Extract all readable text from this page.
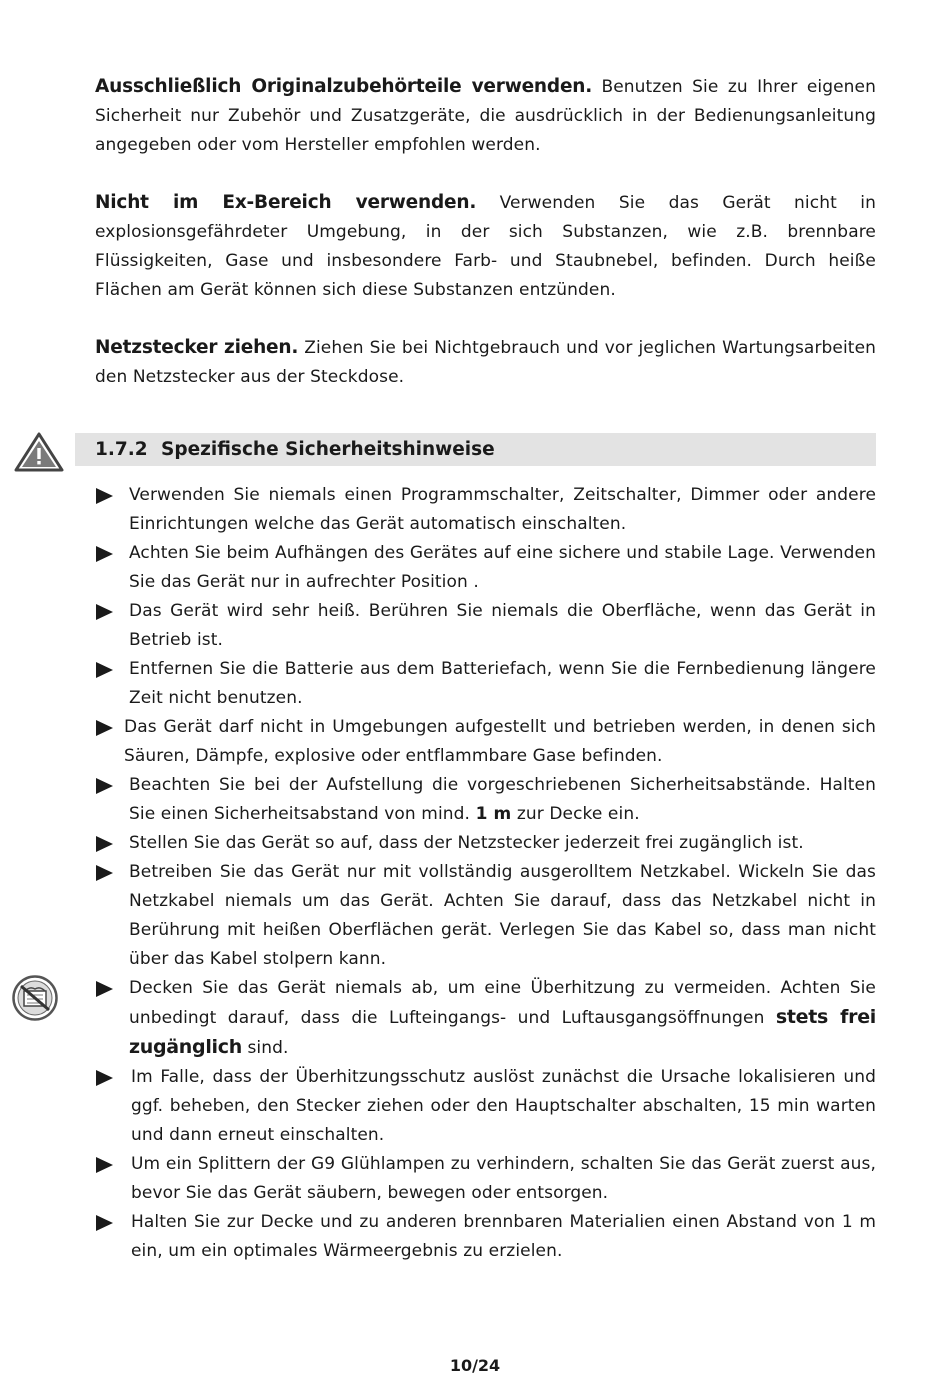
Ausschließlich Originalzubehörteile verwenden. Benutzen Sie zu Ihrer eigenen Sicherheit nur Zubehör und Zusatzgeräte, die ausdrücklich in der Bedienungsanleitung angegeben oder vom Hersteller empfohlen werden.
Nicht im Ex-Bereich verwenden. Verwenden Sie das Gerät nicht in explosionsgefährdeter Umgebung, in der sich Substanzen, wie z.B. brennbare Flüssigkeiten, Gase und insbesondere Farb- und Staubnebel, befinden. Durch heiße Flächen am Gerät können sich diese Substanzen entzünden.
Netzstecker ziehen. Ziehen Sie bei Nichtgebrauch und vor jeglichen Wartungsarbeiten den Netzstecker aus der Steckdose.
1.7.2 Spezifische Sicherheitshinweise
Verwenden Sie niemals einen Programmschalter, Zeitschalter, Dimmer oder andere Einrichtungen welche das Gerät automatisch einschalten.
Achten Sie beim Aufhängen des Gerätes auf eine sichere und stabile Lage. Verwenden Sie das Gerät nur in aufrechter Position .
Das Gerät wird sehr heiß. Berühren Sie niemals die Oberfläche, wenn das Gerät in Betrieb ist.
Entfernen Sie die Batterie aus dem Batteriefach, wenn Sie die Fernbedienung längere Zeit nicht benutzen.
Das Gerät darf nicht in Umgebungen aufgestellt und betrieben werden, in denen sich Säuren, Dämpfe, explosive oder entflammbare Gase befinden.
Beachten Sie bei der Aufstellung die vorgeschriebenen Sicherheitsabstände. Halten Sie einen Sicherheitsabstand von mind. 1 m zur Decke ein.
Stellen Sie das Gerät so auf, dass der Netzstecker jederzeit frei zugänglich ist.
Betreiben Sie das Gerät nur mit vollständig ausgerolltem Netzkabel. Wickeln Sie das Netzkabel niemals um das Gerät. Achten Sie darauf, dass das Netzkabel nicht in Berührung mit heißen Oberflächen gerät. Verlegen Sie das Kabel so, dass man nicht über das Kabel stolpern kann.
Decken Sie das Gerät niemals ab, um eine Überhitzung zu vermeiden. Achten Sie unbedingt darauf, dass die Lufteingangs- und Luftausgangsöffnungen stets frei zugänglich sind.
Im Falle, dass der Überhitzungsschutz auslöst zunächst die Ursache lokalisieren und ggf. beheben, den Stecker ziehen oder den Hauptschalter abschalten, 15 min warten und dann erneut einschalten.
Um ein Splittern der G9 Glühlampen zu verhindern, schalten Sie das Gerät zuerst aus, bevor Sie das Gerät säubern, bewegen oder entsorgen.
Halten Sie zur Decke und zu anderen brennbaren Materialien einen Abstand von 1 m ein, um ein optimales Wärmeergebnis zu erzielen.
10/24
